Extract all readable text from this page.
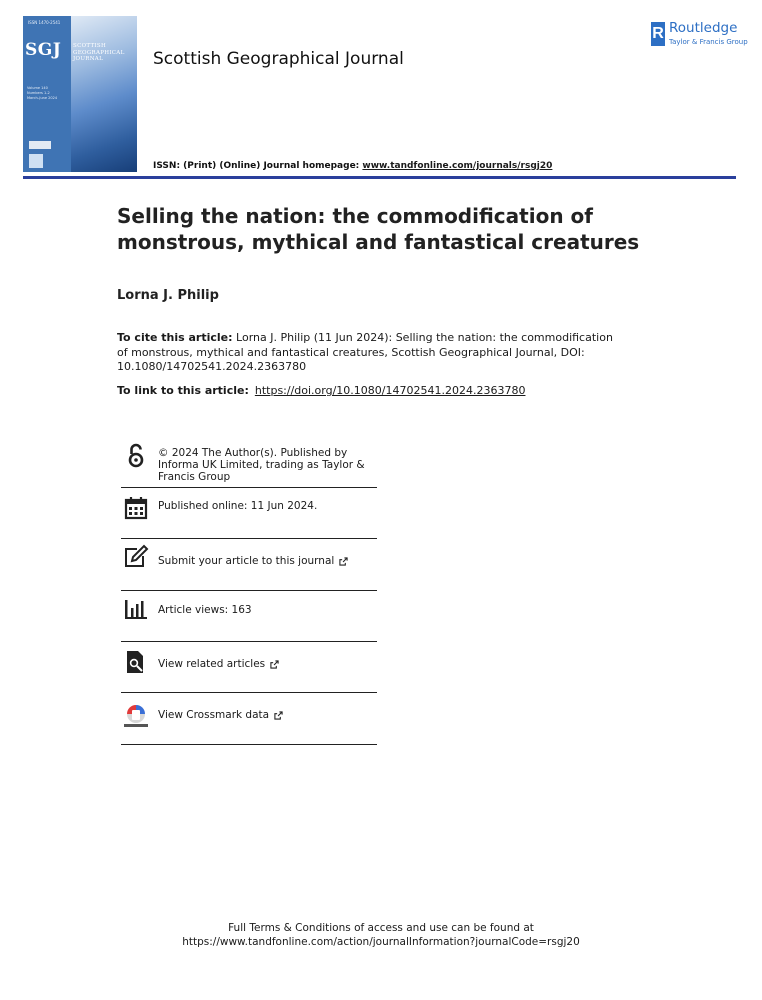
ISSN 1470-2541
SGJ SCOTTISH
GEOGRAPHICAL
JOURNAL
Volume 140
Numbers 1-2
March–June 2024
Scottish Geographical Journal
R Routledge
Taylor & Francis Group
ISSN: (Print) (Online) Journal homepage: www.tandfonline.com/journals/rsgj20
Selling the nation: the commodification of monstrous, mythical and fantastical creatures
Lorna J. Philip
To cite this article: Lorna J. Philip (11 Jun 2024): Selling the nation: the commodification of monstrous, mythical and fantastical creatures, Scottish Geographical Journal, DOI: 10.1080/14702541.2024.2363780
To link to this article: https://doi.org/10.1080/14702541.2024.2363780
© 2024 The Author(s). Published by Informa UK Limited, trading as Taylor & Francis Group
Published online: 11 Jun 2024.
Submit your article to this journal
Article views: 163
View related articles
View Crossmark data
Full Terms & Conditions of access and use can be found at
https://www.tandfonline.com/action/journalInformation?journalCode=rsgj20
